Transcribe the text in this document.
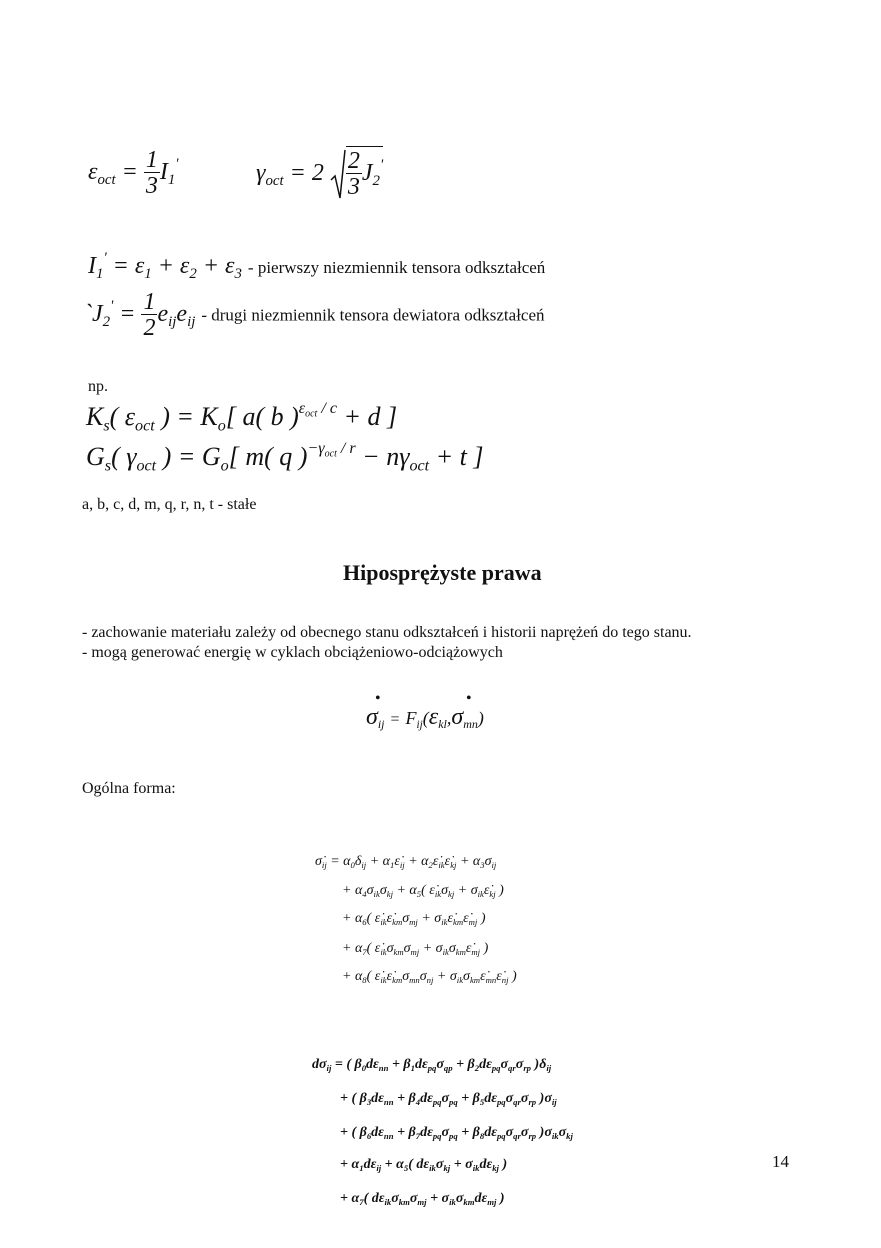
$\varepsilon_{oct} = \frac{1}{3} I_1'$	$\gamma_{oct} = 2 \frac{2}{3} J_2'$
$I_1' = \varepsilon_1 + \varepsilon_2 + \varepsilon_3$ - pierwszy niezmiennik tensora odkształceń
$`J_2' = \frac{1}{2} e_{ij}e_{ij}$ - drugi niezmiennik tensora dewiatora odkształceń
np.
$K_s$( $\varepsilon_{oct}$ ) = $K_o$[ a( b )$^{\varepsilon_{oct} / c}$ + d ]
$G_s$( $\gamma_{oct}$ ) = $G_o$[ m( q )$^{-\gamma_{oct} / r} - n\gamma_{oct} + t$ ]
a, b, c, d, m, q, r, n, t - stałe
Hiposprężyste prawa
- zachowanie materiału zależy od obecnego stanu odkształceń i historii naprężeń do tego stanu.
- mogą generować energię w cyklach obciążeniowo-odciążowych
$\sigma_{ij} = F_{ij}(\varepsilon_{kl},\sigma_{mn})$
•	•
Ogólna forma:
$\sigmȧ_{ij} = \alpha_0\delta_{ij}$ + $\alpha_1\varepsiloṅ_{ij}$ + $\alpha_2\varepsiloṅ_{ik}\varepsiloṅ_{kj} + \alpha_3\sigma_{ij}$
+ $\alpha_4\sigma_{ik}\sigma_{kj} + \alpha_5$( $\varepsiloṅ_{ik}\sigma_{kj}$ + $\sigma_{ik}\varepsiloṅ_{kj}$ )
+ $\alpha_6$( $\varepsiloṅ_{ik}\varepsiloṅ_{km}\sigma_{mj}$ + $\sigma_{ik}\varepsiloṅ_{km}\varepsiloṅ_{mj}$ )
+ $\alpha_7$( $\varepsiloṅ_{ik}\sigma_{km}\sigma_{mj}$ + $\sigma_{ik}\sigma_{km}\varepsiloṅ_{mj}$ )
+ $\alpha_8$( $\varepsiloṅ_{ik}\varepsiloṅ_{km}\sigma_{mn}\sigma_{nj}$ + $\sigma_{ik}\sigma_{km}\varepsiloṅ_{mn}\varepsiloṅ_{nj}$ )
$d\sigma_{ij}$ = ( $\beta_0d\varepsilon_{nn} + \beta_1d\varepsilon_{pq}\sigma_{qp} + \beta_2d\varepsilon_{pq}\sigma_{qr}\sigma_{rp}$ )$\delta_{ij}$
+ ( $\beta_3d\varepsilon_{nn} + \beta_4d\varepsilon_{pq}\sigma_{pq} + \beta_5d\varepsilon_{pq}\sigma_{qr}\sigma_{rp}$ )$\sigma_{ij}$
+ ( $\beta_6d\varepsilon_{nn} + \beta_7d\varepsilon_{pq}\sigma_{pq} + \beta_8d\varepsilon_{pq}\sigma_{qr}\sigma_{rp}$ )$\sigma_{ik}\sigma_{kj}$
+ $\alpha_1d\varepsilon_{ij} + \alpha_5$( $d\varepsilon_{ik}\sigma_{kj} + \sigma_{ik}d\varepsilon_{kj}$ )
+ $\alpha_7$( $d\varepsilon_{ik}\sigma_{km}\sigma_{mj} + \sigma_{ik}\sigma_{km}d\varepsilon_{mj}$ )
14
